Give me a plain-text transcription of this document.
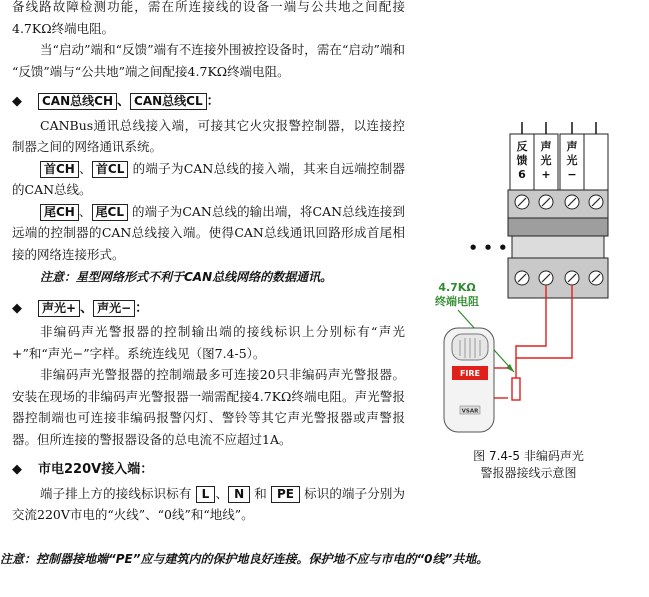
备线路故障检测功能，需在所连接线的设备一端与公共地之间配接4.7KΩ终端电阻。

当“启动”端和“反馈”端有不连接外围被控设备时，需在“启动”端和 “反馈”端与“公共地”端之间配接4.7KΩ终端电阻。

◆ CAN总线CH 、 CAN总线CL ：

CANBus通讯总线接入端，可接其它火灾报警控制器，以连接控制器之间的网络通讯系统。

首CH 、 首CL 的端子为CAN总线的接入端，其来自远端控制器的CAN总线。

尾CH 、 尾CL 的端子为CAN总线的输出端，将CAN总线连接到远端的控制器的CAN总线接入端。使得CAN总线通讯回路形成首尾相接的网络连接形式。

注意：星型网络形式不利于CAN总线网络的数据通讯。

◆ 声光+ 、 声光− ：

非编码声光警报器的控制输出端的接线标识上分别标有“声光+”和“声光−”字样。系统连线见（图7.4-5）。

非编码声光警报器的控制端最多可连接20只非编码声光警报器。安装在现场的非编码声光警报器一端需配接4.7KΩ终端电阻。声光警报器控制端也可连接非编码报警闪灯、警铃等其它声光警报器或声警报器。但所连接的警报器设备的总电流不应超过1A。

◆ 市电220V接入端：

端子排上方的接线标识标有 L 、 N 和 PE 标识的端子分别为交流220V市电的“火线”、“0线”和“地线”。

反馈 6
声光+
声光−
• • •
4.7KΩ
终端电阻
FIRE
VSAR
图 7.4-5 非编码声光
警报器接线示意图

注意：控制器接地端“PE”应与建筑内的保护地良好连接。保护地不应与市电的“0线”共地。
